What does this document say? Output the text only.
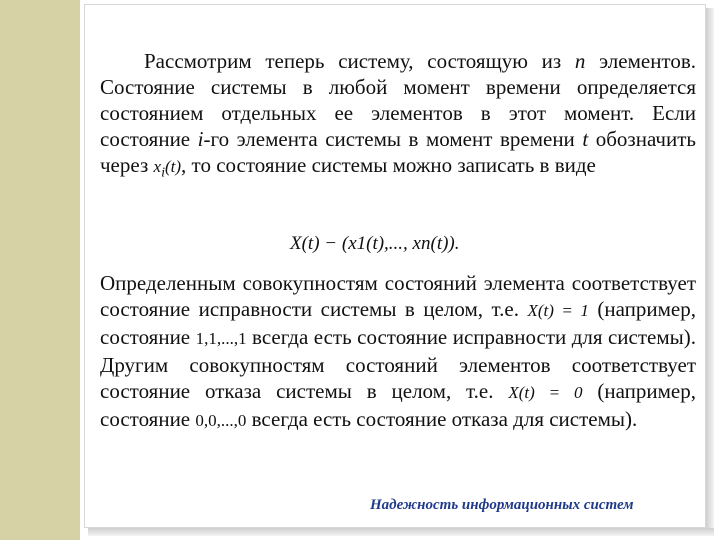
Рассмотрим теперь систему, состоящую из n элементов. Состояние системы в любой момент времени определяется состоянием отдельных ее элементов в этот момент. Если состояние i-го элемента системы в момент времени t обозначить через $x_i(t)$, то состояние системы можно записать в виде
X(t) − (x1(t),..., xn(t)).
Определенным совокупностям состояний элемента соответствует состояние исправности системы в целом, т.е. X(t) = 1 (например, состояние 1,1,...,1 всегда есть состояние исправности для системы). Другим совокупностям состояний элементов соответствует состояние отказа системы в целом, т.е. X(t) = 0 (например, состояние 0,0,...,0 всегда есть состояние отказа для системы).
Надежность информационных систем
